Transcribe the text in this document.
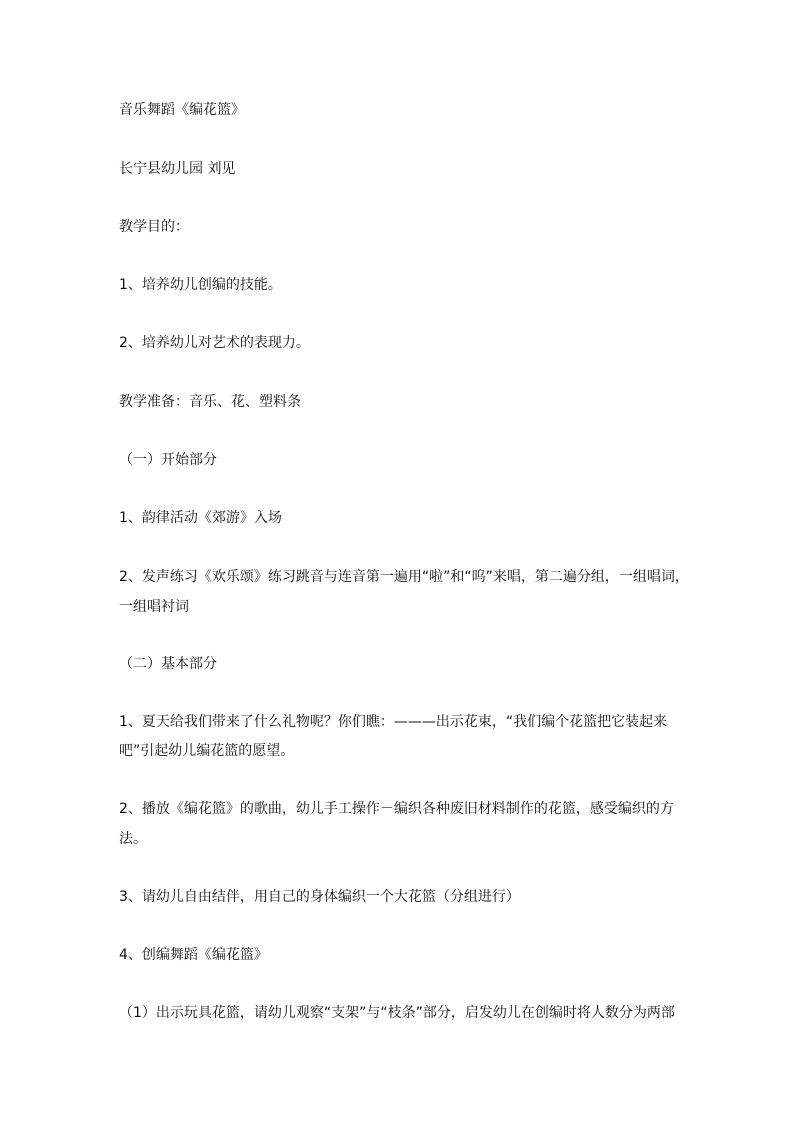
音乐舞蹈《编花篮》

长宁县幼儿园 刘见

教学目的：

1、培养幼儿创编的技能。

2、培养幼儿对艺术的表现力。

教学准备：音乐、花、塑料条

（一）开始部分

1、韵律活动《郊游》入场

2、发声练习《欢乐颂》练习跳音与连音第一遍用“啦”和“呜”来唱，第二遍分组，一组唱词，

一组唱衬词

（二）基本部分

1、夏天给我们带来了什么礼物呢？你们瞧：———出示花束，“我们编个花篮把它装起来

吧”引起幼儿编花篮的愿望。

2、播放《编花篮》的歌曲，幼儿手工操作－编织各种废旧材料制作的花篮，感受编织的方

法。

3、请幼儿自由结伴，用自己的身体编织一个大花篮（分组进行）

4、创编舞蹈《编花篮》

（1）出示玩具花篮，请幼儿观察“支架”与“枝条”部分，启发幼儿在创编时将人数分为两部
